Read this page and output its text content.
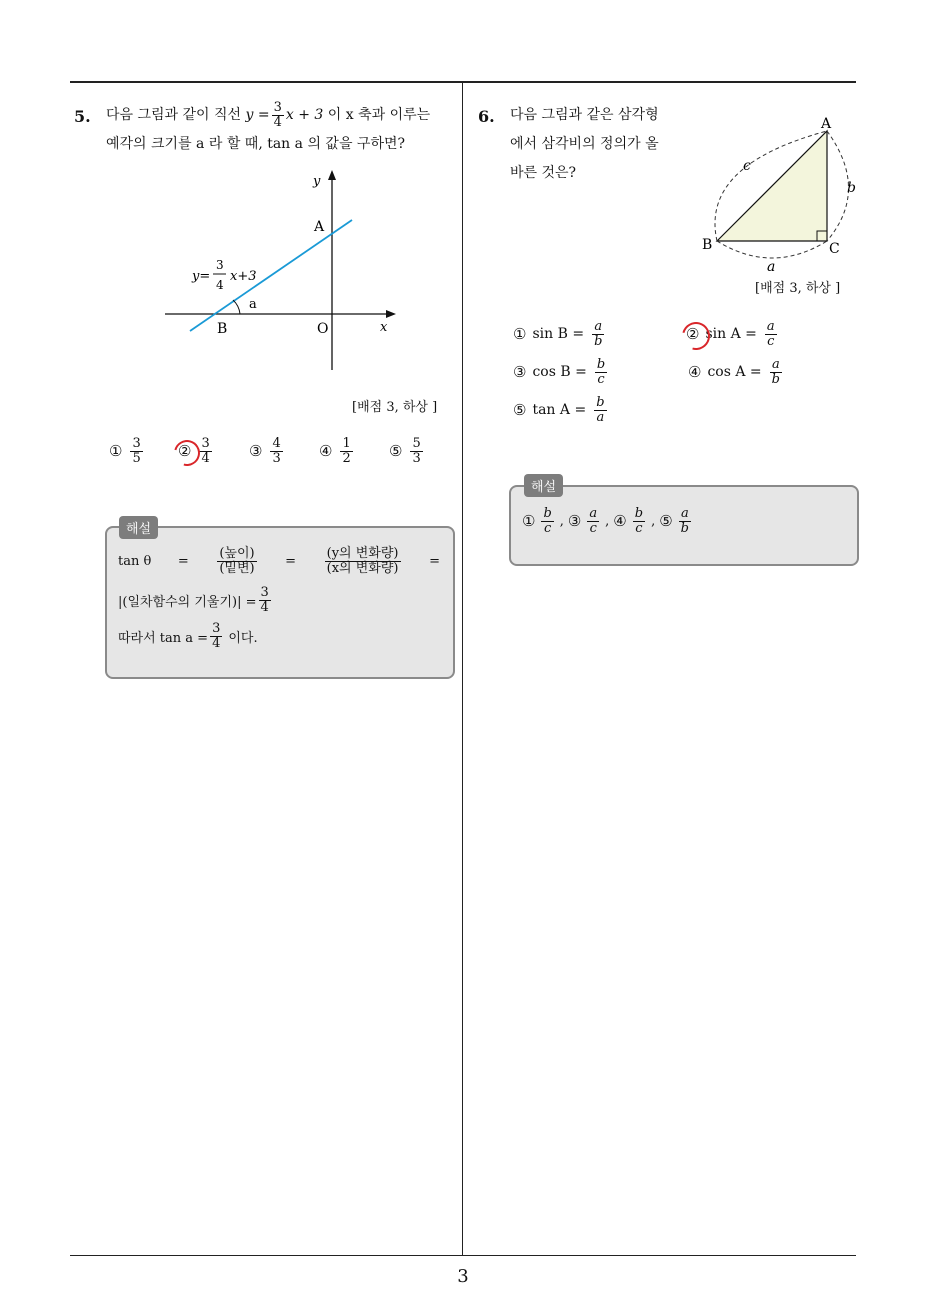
3
5. 다음 그림과 같이 직선 $y = \frac{3}{4}$ x + 3 이 x 축과 이루는
예각의 크기를 a 라 할 때, tan a 의 값을 구하면?
x
y
A
B	O
a
y=
3
4
x+3
[배점 3, 하상 ]
① $\frac{3}{5}$ ② $\frac{3}{4}$ ③ $\frac{4}{3}$ ④ $\frac{1}{2}$ ⑤ $\frac{5}{3}$
해설
$\tan \theta = \frac{\text{(높이)}}{\text{(밑변)}} = \frac{\text{(y의 변화량)}}{\text{(x의 변화량)}}$ =
|(일차함수의 기울기)| = $\frac{3}{4}$
따라서 $\tan a = \frac{3}{4}$ 이다.
6. 다음 그림과 같은 삼각형
에서 삼각비의 정의가 올
바른 것은?
A
B	C
a
b
c
[배점 3, 하상 ]
① $\sin B = \frac{a}{b}$	② $\sin A = \frac{a}{c}$
③ $\cos B = \frac{b}{c}$	④ $\cos A = \frac{a}{b}$
⑤ $\tan A = \frac{b}{a}$
해설
① $\frac{b}{c}$ , ③ $\frac{a}{c}$ , ④ $\frac{b}{c}$ , ⑤ $\frac{a}{b}$
